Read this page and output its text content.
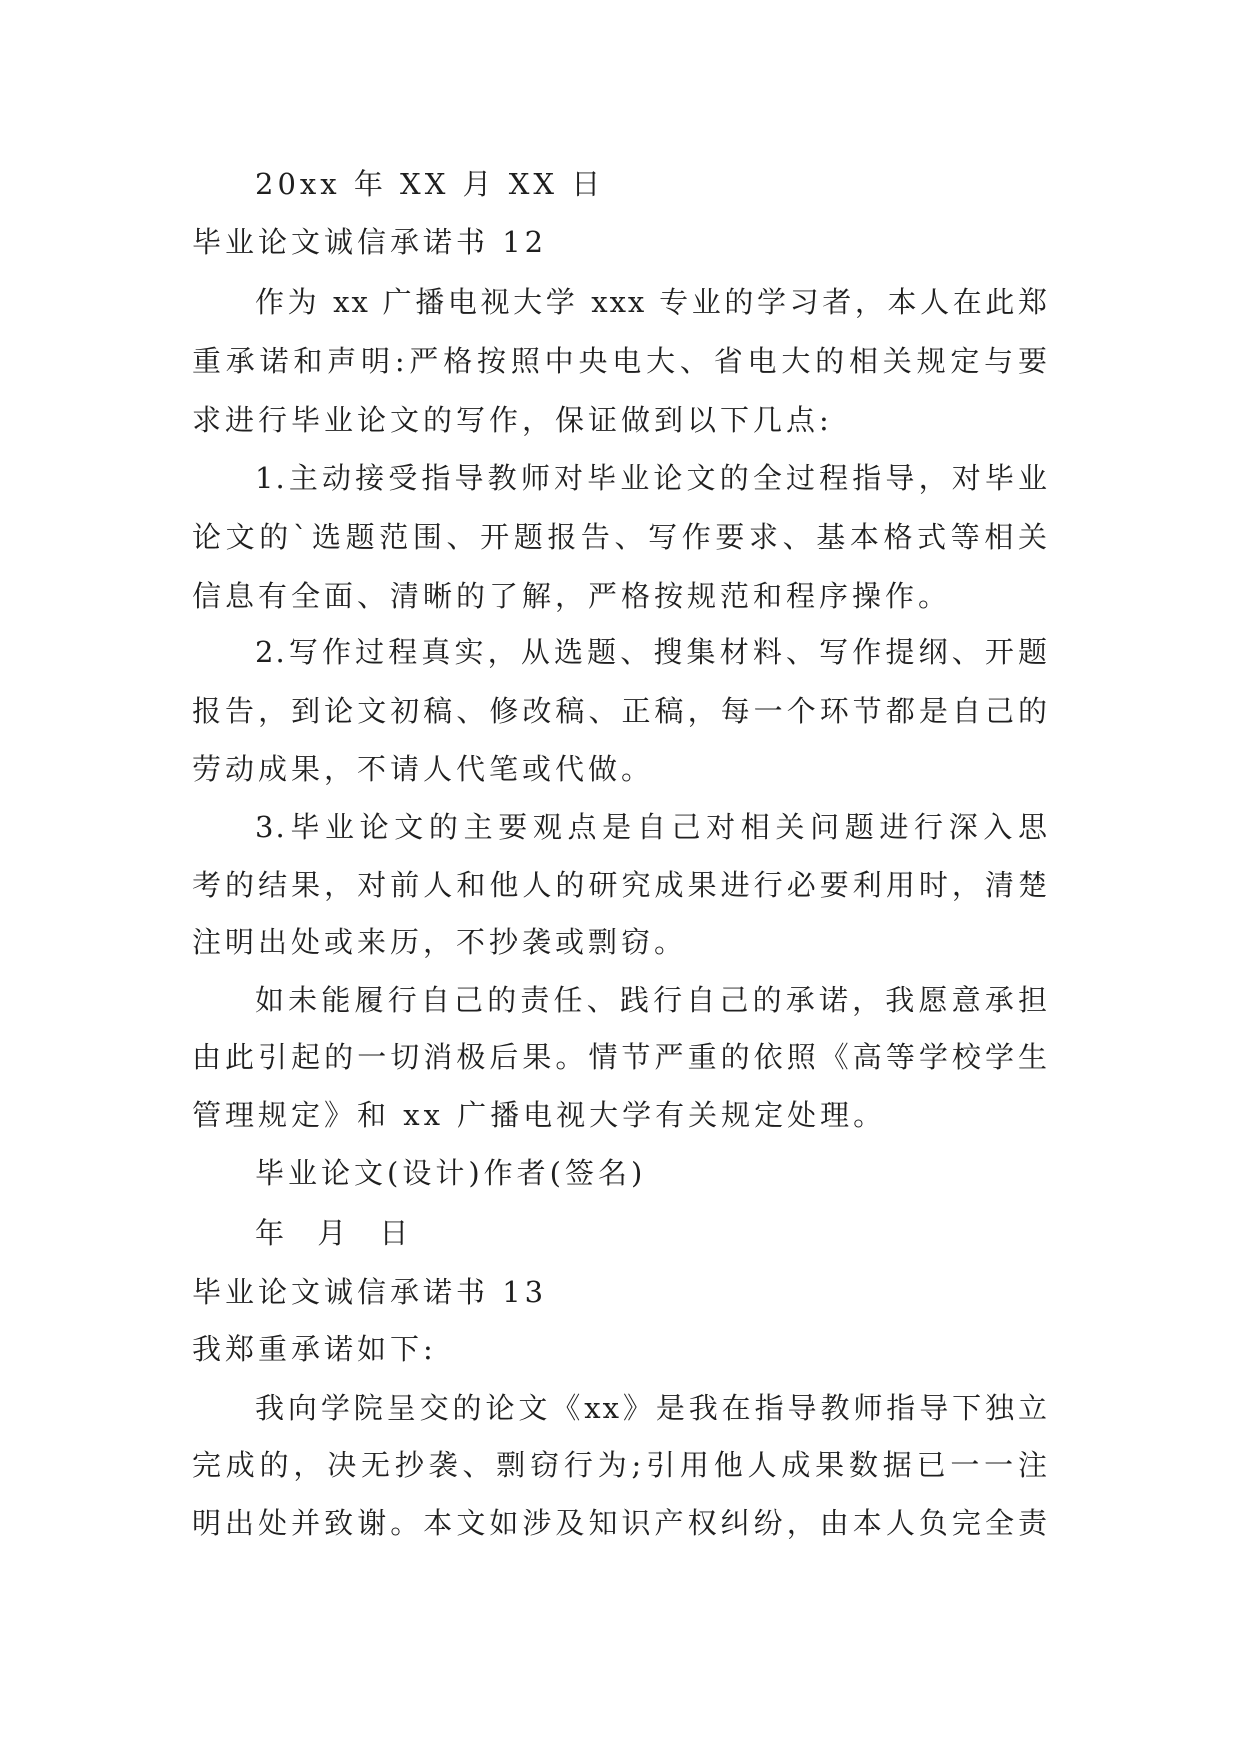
20xx 年 XX 月 XX 日
毕业论文诚信承诺书 12
作为 xx 广播电视大学 xxx 专业的学习者，本人在此郑
重承诺和声明:严格按照中央电大、省电大的相关规定与要
求进行毕业论文的写作，保证做到以下几点:
1.主动接受指导教师对毕业论文的全过程指导，对毕业
论文的`选题范围、开题报告、写作要求、基本格式等相关
信息有全面、清晰的了解，严格按规范和程序操作。
2.写作过程真实，从选题、搜集材料、写作提纲、开题
报告，到论文初稿、修改稿、正稿，每一个环节都是自己的
劳动成果，不请人代笔或代做。
3.毕业论文的主要观点是自己对相关问题进行深入思
考的结果，对前人和他人的研究成果进行必要利用时，清楚
注明出处或来历，不抄袭或剽窃。
如未能履行自己的责任、践行自己的承诺，我愿意承担
由此引起的一切消极后果。情节严重的依照《高等学校学生
管理规定》和 xx 广播电视大学有关规定处理。
毕业论文(设计)作者(签名)
年 月 日
毕业论文诚信承诺书 13
我郑重承诺如下:
我向学院呈交的论文《xx》是我在指导教师指导下独立
完成的，决无抄袭、剽窃行为;引用他人成果数据已一一注
明出处并致谢。本文如涉及知识产权纠纷，由本人负完全责
